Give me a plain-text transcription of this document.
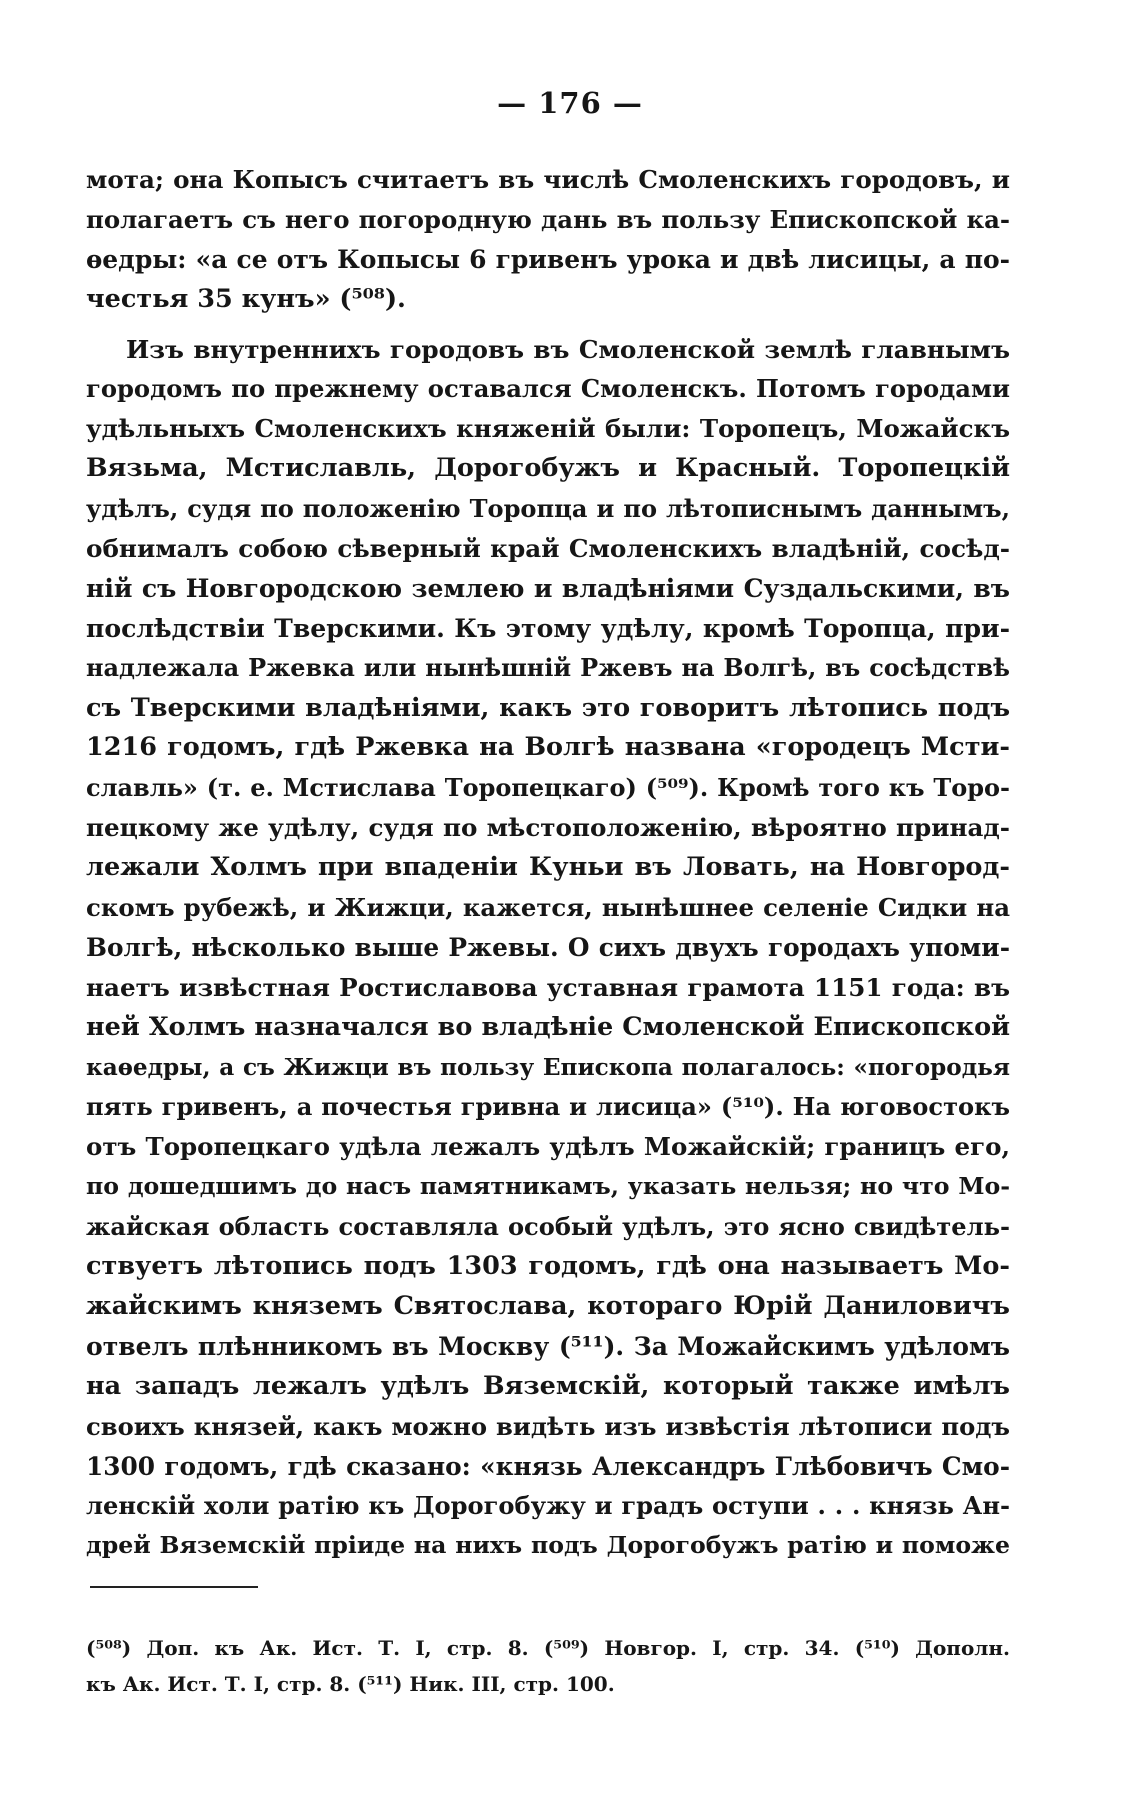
— 176 —
мота; она Копысъ считаетъ въ числѣ Смоленскихъ городовъ, и
полагаетъ съ него погородную дань въ пользу Епископской ка-
ѳедры: «а се отъ Копысы 6 гривенъ урока и двѣ лисицы, а по-
честья 35 кунъ» (⁵⁰⁸).
Изъ внутреннихъ городовъ въ Смоленской землѣ главнымъ
городомъ по прежнему оставался Смоленскъ. Потомъ городами
удѣльныхъ Смоленскихъ княженій были: Торопецъ, Можайскъ
Вязьма, Мстиславль, Дорогобужъ и Красный. Торопецкій
удѣлъ, судя по положенію Торопца и по лѣтописнымъ даннымъ,
обнималъ собою сѣверный край Смоленскихъ владѣній, сосѣд-
ній съ Новгородскою землею и владѣніями Суздальскими, въ
послѣдствіи Тверскими. Къ этому удѣлу, кромѣ Торопца, при-
надлежала Ржевка или нынѣшній Ржевъ на Волгѣ, въ сосѣдствѣ
съ Тверскими владѣніями, какъ это говоритъ лѣтопись подъ
1216 годомъ, гдѣ Ржевка на Волгѣ названа «городецъ Мсти-
славль» (т. е. Мстислава Торопецкаго) (⁵⁰⁹). Кромѣ того къ Торо-
пецкому же удѣлу, судя по мѣстоположенію, вѣроятно принад-
лежали Холмъ при впаденіи Куньи въ Ловать, на Новгород-
скомъ рубежѣ, и Жижци, кажется, нынѣшнее селеніе Сидки на
Волгѣ, нѣсколько выше Ржевы. О сихъ двухъ городахъ упоми-
наетъ извѣстная Ростиславова уставная грамота 1151 года: въ
ней Холмъ назначался во владѣніе Смоленской Епископской
каѳедры, а съ Жижци въ пользу Епископа полагалось: «погородья
пять гривенъ, а почестья гривна и лисица» (⁵¹⁰). На юговостокъ
отъ Торопецкаго удѣла лежалъ удѣлъ Можайскій; границъ его,
по дошедшимъ до насъ памятникамъ, указать нельзя; но что Мо-
жайская область составляла особый удѣлъ, это ясно свидѣтель-
ствуетъ лѣтопись подъ 1303 годомъ, гдѣ она называетъ Мо-
жайскимъ княземъ Святослава, котораго Юрій Даниловичъ
отвелъ плѣнникомъ въ Москву (⁵¹¹). За Можайскимъ удѣломъ
на западъ лежалъ удѣлъ Вяземскій, который также имѣлъ
своихъ князей, какъ можно видѣть изъ извѣстія лѣтописи подъ
1300 годомъ, гдѣ сказано: «князь Александръ Глѣбовичъ Смо-
ленскій холи ратію къ Дорогобужу и градъ оступи . . . князь Ан-
дрей Вяземскій пріиде на нихъ подъ Дорогобужъ ратію и поможе
(⁵⁰⁸) Доп. къ Ак. Ист. Т. I, стр. 8. (⁵⁰⁹) Новгор. I, стр. 34. (⁵¹⁰) Дополн.
къ Ак. Ист. Т. I, стр. 8. (⁵¹¹) Ник. III, стр. 100.
